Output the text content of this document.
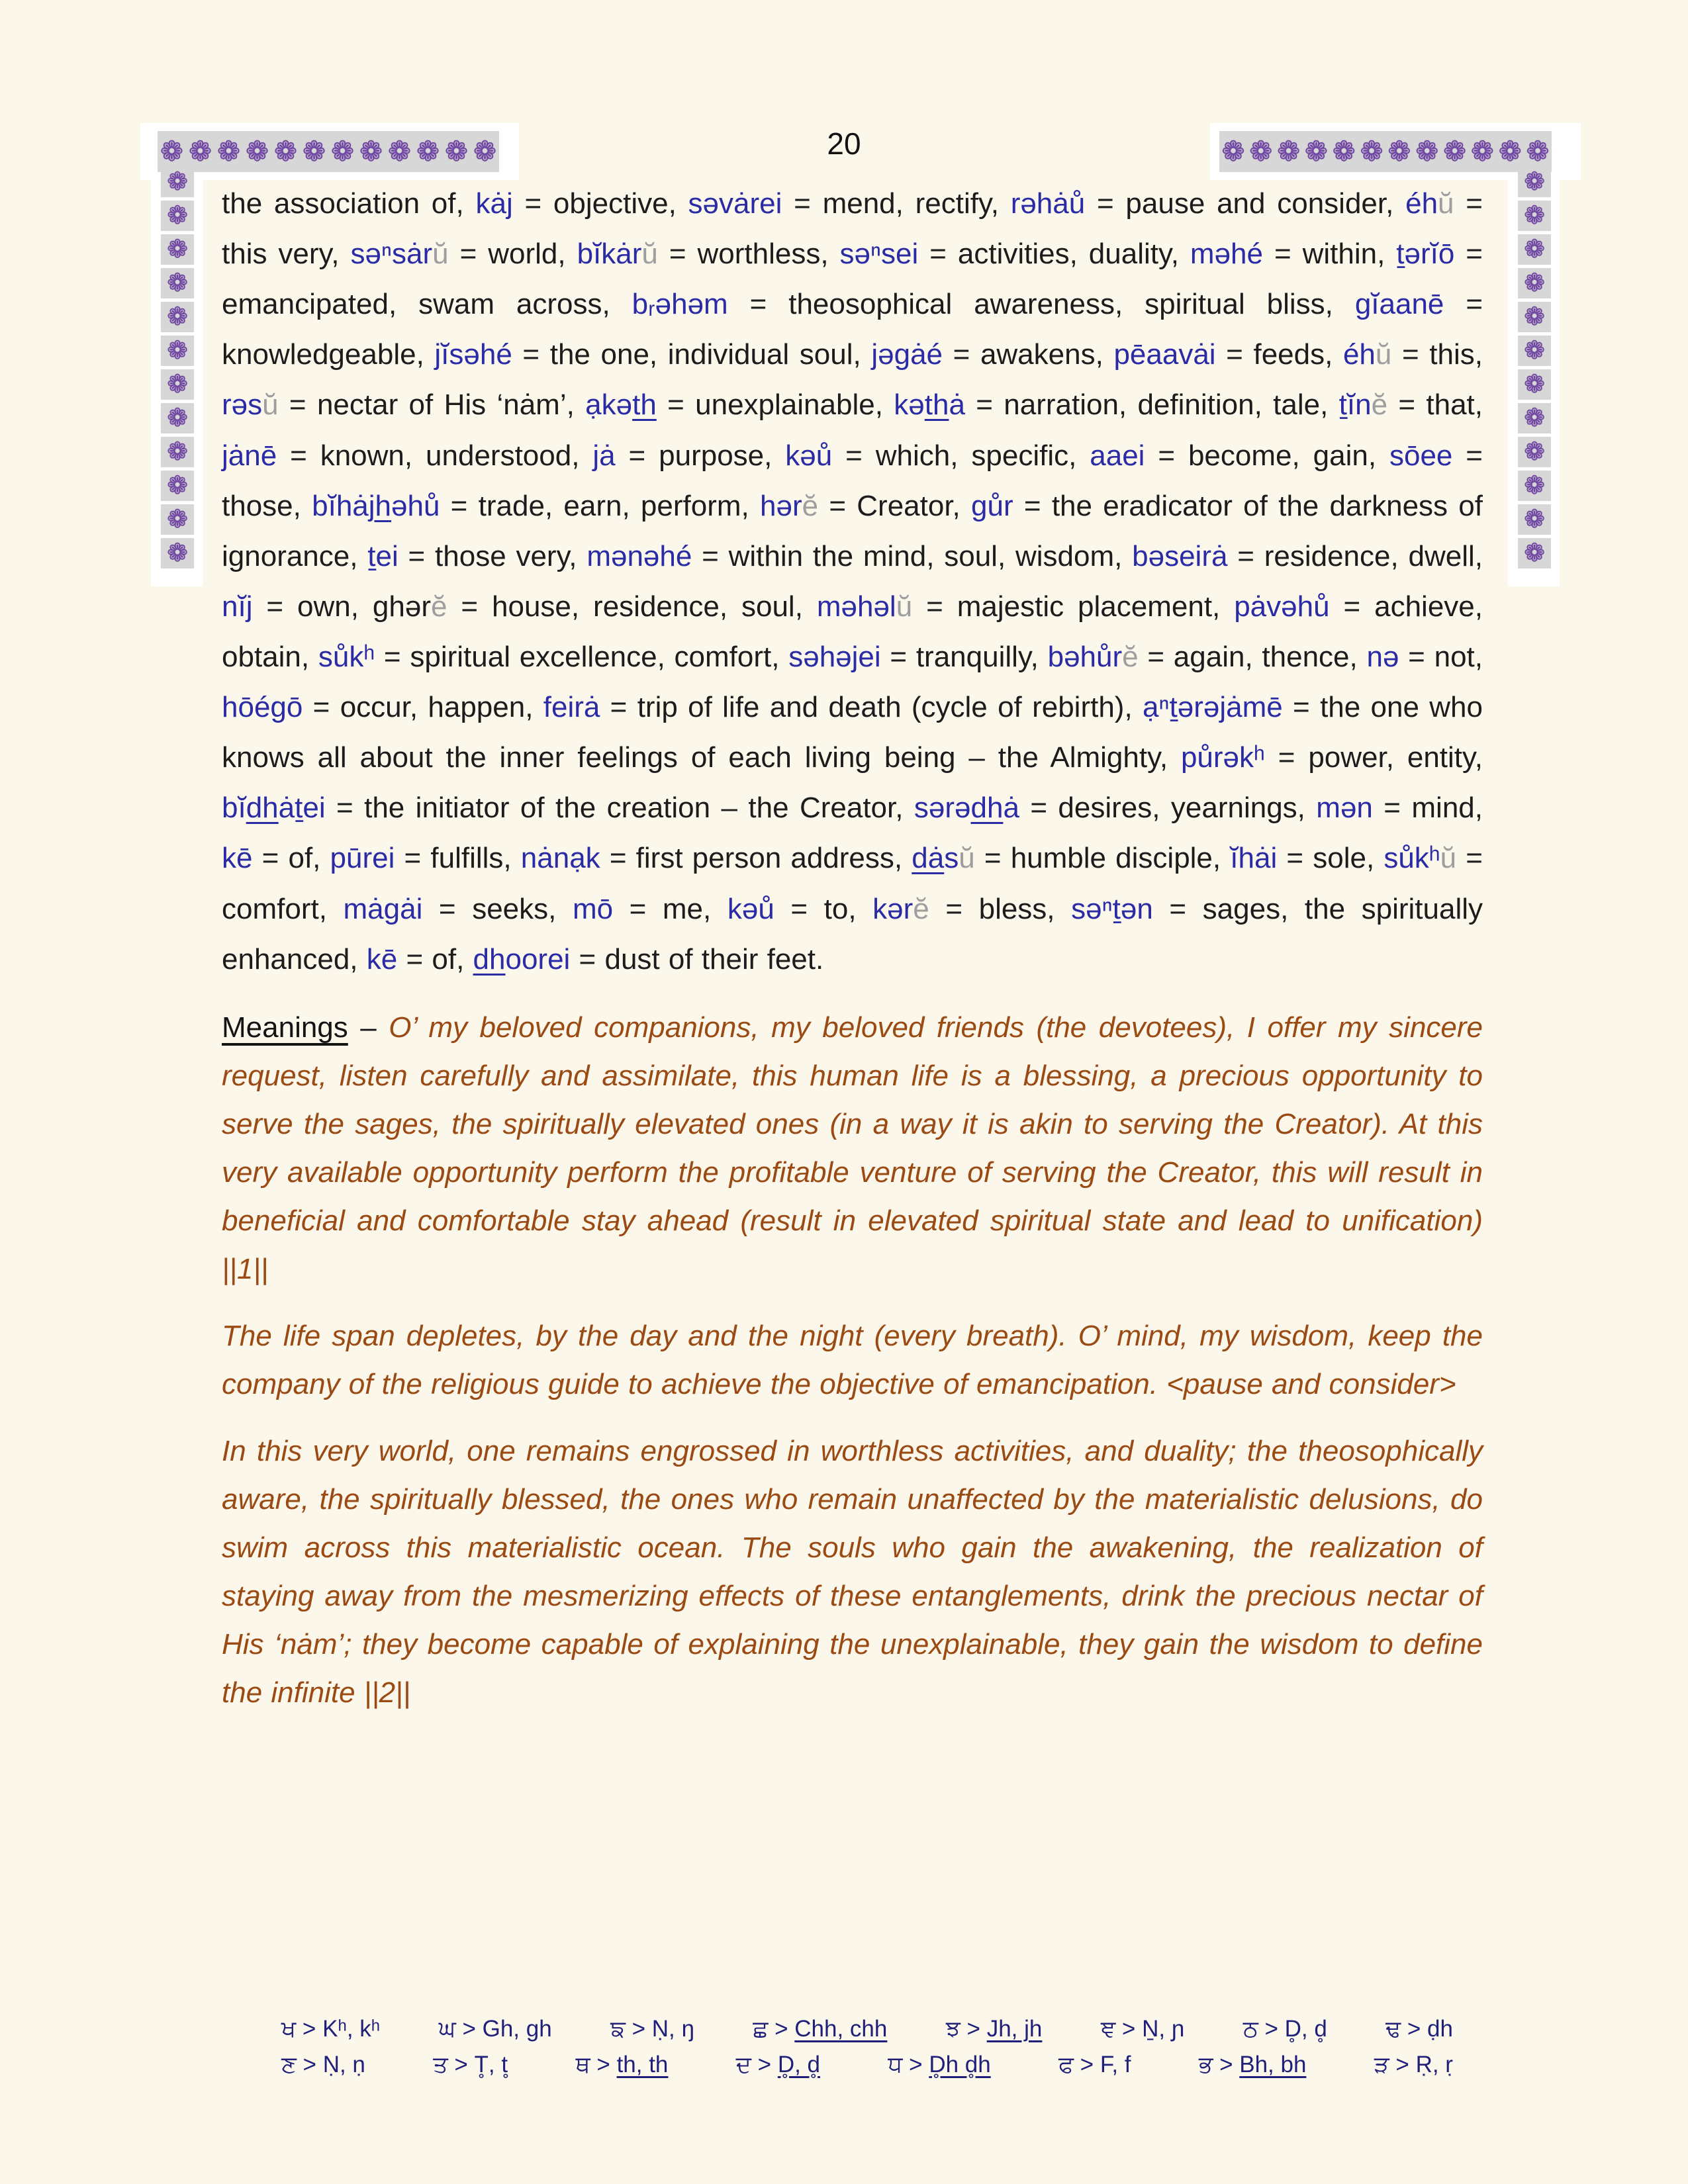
❁ ❁ ❁ ❁ ❁ ❁ ❁ ❁ ❁ ❁ ❁ ❁	❁ ❁ ❁ ❁ ❁ ❁ ❁ ❁ ❁ ❁ ❁ ❁
❁
❁
❁
❁
❁
❁
❁
❁
❁
❁
❁
❁
❁
❁
❁
❁
❁
❁
❁
❁
❁
❁
❁
❁
20

the association of, kȧj = objective, səvȧrei = mend, rectify, rəhȧů = pause and consider, éhŭ = this very, səⁿsȧrŭ = world, bĭkȧrŭ = worthless, səⁿsei = activities, duality, məhé = within, ṯərĭō = emancipated, swam across, bᵣəhəm = theosophical awareness, spiritual bliss, gĭaanē = knowledgeable, jĭsəhé = the one, individual soul, jəgȧé = awakens, pēaavȧi = feeds, éhŭ = this, rəsŭ = nectar of His ‘nȧm’, ạkəth = unexplainable, kəthȧ = narration, definition, tale, ṯĭnĕ = that, jȧnē = known, understood, jȧ = purpose, kəů = which, specific, aaei = become, gain, sōee = those, bĭhȧjhəhů = trade, earn, perform, hərĕ = Creator, gůr = the eradicator of the darkness of ignorance, ṯei = those very, mənəhé = within the mind, soul, wisdom, bəseirȧ = residence, dwell, nĭj = own, ghərĕ = house, residence, soul, məhəlŭ = majestic placement, pȧvəhů = achieve, obtain, sůkʰ = spiritual excellence, comfort, səhəjei = tranquilly, bəhůrĕ = again, thence, nə = not, hōégō = occur, happen, feirȧ = trip of life and death (cycle of rebirth), ạⁿṯərəjȧmē = the one who knows all about the inner feelings of each living being – the Almighty, půrəkʰ = power, entity, bĭdhȧṯei = the initiator of the creation – the Creator, sərədhȧ = desires, yearnings, mən = mind, kē = of, pūrei = fulfills, nȧnạk = first person address, dȧsŭ = humble disciple, ĭhȧi = sole, sůkʰŭ = comfort, mȧgȧi = seeks, mō = me, kəů = to, kərĕ = bless, səⁿṯən = sages, the spiritually enhanced, kē = of, dhoorei = dust of their feet.

Meanings – O’ my beloved companions, my beloved friends (the devotees), I offer my sincere request, listen carefully and assimilate, this human life is a blessing, a precious opportunity to serve the sages, the spiritually elevated ones (in a way it is akin to serving the Creator). At this very available opportunity perform the profitable venture of serving the Creator, this will result in beneficial and comfortable stay ahead (result in elevated spiritual state and lead to unification) ||1||

The life span depletes, by the day and the night (every breath). O’ mind, my wisdom, keep the company of the religious guide to achieve the objective of emancipation. <pause and consider>

In this very world, one remains engrossed in worthless activities, and duality; the theosophically aware, the spiritually blessed, the ones who remain unaffected by the materialistic delusions, do swim across this materialistic ocean. The souls who gain the awakening, the realization of staying away from the mesmerizing effects of these entanglements, drink the precious nectar of His ‘nȧm’; they become capable of explaining the unexplainable, they gain the wisdom to define the infinite ||2||

ਖ > Kʰ, kʰ	ਘ > Gh, gh	ਙ > Ṇ, ŋ	ਛ > Chh, chh	ਝ > Jh, jh	ਞ > Ṉ, ɲ	ਠ > D̥, d̥	ਢ > ḍh
ਣ > Ṇ, ṇ	ਤ > T̥, t̥	ਥ > th, th	ਦ > D̥, d̥	ਧ > D̥h d̥h	ਫ > F, f	ਭ > Bh, bh	ੜ > Ṛ, ṛ
